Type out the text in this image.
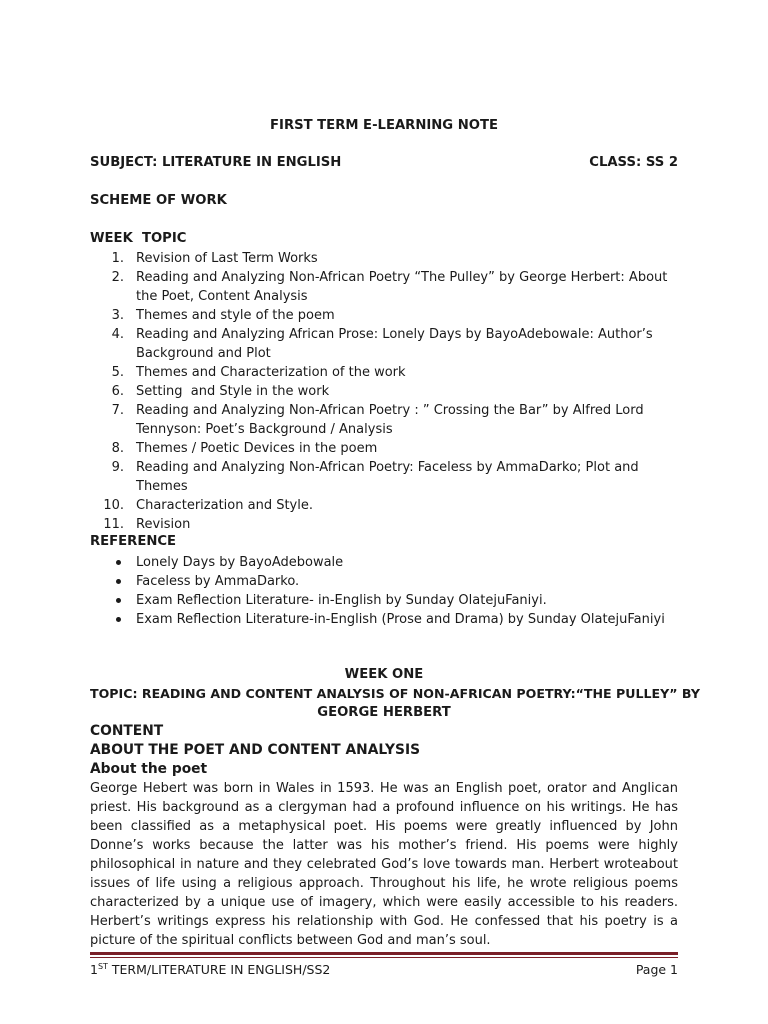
FIRST TERM E-LEARNING NOTE
SUBJECT: LITERATURE IN ENGLISH	CLASS: SS 2
SCHEME OF WORK
WEEK  TOPIC
1. Revision of Last Term Works
2. Reading and Analyzing Non-African Poetry “The Pulley” by George Herbert: About the Poet, Content Analysis
3. Themes and style of the poem
4. Reading and Analyzing African Prose: Lonely Days by BayoAdebowale: Author’s Background and Plot
5. Themes and Characterization of the work
6. Setting  and Style in the work
7. Reading and Analyzing Non-African Poetry : ” Crossing the Bar” by Alfred Lord Tennyson: Poet’s Background / Analysis
8. Themes / Poetic Devices in the poem
9. Reading and Analyzing Non-African Poetry: Faceless by AmmaDarko; Plot and Themes
10. Characterization and Style.
11. Revision
REFERENCE
Lonely Days by BayoAdebowale
Faceless by AmmaDarko.
Exam Reflection Literature- in-English by Sunday OlatejuFaniyi.
Exam Reflection Literature-in-English (Prose and Drama) by Sunday OlatejuFaniyi
WEEK ONE
TOPIC: READING AND CONTENT ANALYSIS OF NON-AFRICAN POETRY:“THE PULLEY” BY
GEORGE HERBERT
CONTENT
ABOUT THE POET AND CONTENT ANALYSIS
About the poet
George Hebert was born in Wales in 1593. He was an English poet, orator and Anglican priest. His background as a clergyman had a profound influence on his writings. He has been classified as a metaphysical poet. His poems were greatly influenced by John Donne’s works because the latter was his mother’s friend. His poems were highly philosophical in nature and they celebrated God’s love towards man. Herbert wroteabout issues of life using a religious approach. Throughout his life, he wrote religious poems characterized by a unique use of imagery, which were easily accessible to his readers. Herbert’s writings express his relationship with God. He confessed that his poetry is a picture of the spiritual conflicts between God and man’s soul.
1ST TERM/LITERATURE IN ENGLISH/SS2	Page 1
